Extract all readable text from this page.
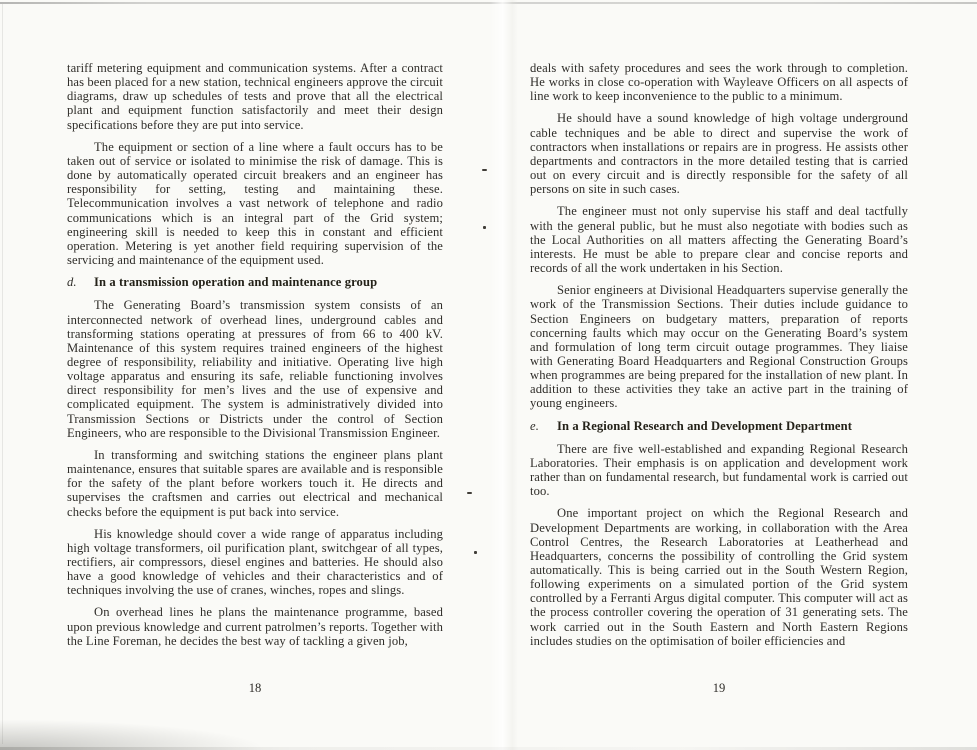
tariff metering equipment and communication systems. After a contract has been placed for a new station, technical engineers approve the circuit diagrams, draw up schedules of tests and prove that all the electrical plant and equipment function satisfactorily and meet their design specifications before they are put into service.

The equipment or section of a line where a fault occurs has to be taken out of service or isolated to minimise the risk of damage. This is done by automatically operated circuit breakers and an engineer has responsibility for setting, testing and maintaining these. Telecommunication involves a vast network of telephone and radio communications which is an integral part of the Grid system; engineering skill is needed to keep this in constant and efficient operation. Metering is yet another field requiring supervision of the servicing and maintenance of the equipment used.

d.	In a transmission operation and maintenance group

The Generating Board’s transmission system consists of an interconnected network of overhead lines, underground cables and transforming stations operating at pressures of from 66 to 400 kV. Maintenance of this system requires trained engineers of the highest degree of responsibility, reliability and initiative. Operating live high voltage apparatus and ensuring its safe, reliable functioning involves direct responsibility for men’s lives and the use of expensive and complicated equipment. The system is administratively divided into Transmission Sections or Districts under the control of Section Engineers, who are responsible to the Divisional Transmission Engineer.

In transforming and switching stations the engineer plans plant maintenance, ensures that suitable spares are available and is responsible for the safety of the plant before workers touch it. He directs and supervises the craftsmen and carries out electrical and mechanical checks before the equipment is put back into service.

His knowledge should cover a wide range of apparatus including high voltage transformers, oil purification plant, switchgear of all types, rectifiers, air compressors, diesel engines and batteries. He should also have a good knowledge of vehicles and their characteristics and of techniques involving the use of cranes, winches, ropes and slings.

On overhead lines he plans the maintenance programme, based upon previous knowledge and current patrolmen’s reports. Together with the Line Foreman, he decides the best way of tackling a given job,

deals with safety procedures and sees the work through to completion. He works in close co-operation with Wayleave Officers on all aspects of line work to keep inconvenience to the public to a minimum.

He should have a sound knowledge of high voltage underground cable techniques and be able to direct and supervise the work of contractors when installations or repairs are in progress. He assists other departments and contractors in the more detailed testing that is carried out on every circuit and is directly responsible for the safety of all persons on site in such cases.

The engineer must not only supervise his staff and deal tactfully with the general public, but he must also negotiate with bodies such as the Local Authorities on all matters affecting the Generating Board’s interests. He must be able to prepare clear and concise reports and records of all the work undertaken in his Section.

Senior engineers at Divisional Headquarters supervise generally the work of the Transmission Sections. Their duties include guidance to Section Engineers on budgetary matters, preparation of reports concerning faults which may occur on the Generating Board’s system and formulation of long term circuit outage programmes. They liaise with Generating Board Headquarters and Regional Construction Groups when programmes are being prepared for the installation of new plant. In addition to these activities they take an active part in the training of young engineers.

e.	In a Regional Research and Development Department

There are five well-established and expanding Regional Research Laboratories. Their emphasis is on application and development work rather than on fundamental research, but fundamental work is carried out too.

One important project on which the Regional Research and Development Departments are working, in collaboration with the Area Control Centres, the Research Laboratories at Leatherhead and Headquarters, concerns the possibility of controlling the Grid system automatically. This is being carried out in the South Western Region, following experiments on a simulated portion of the Grid system controlled by a Ferranti Argus digital computer. This computer will act as the process controller covering the operation of 31 generating sets. The work carried out in the South Eastern and North Eastern Regions includes studies on the optimisation of boiler efficiencies and

18	19
